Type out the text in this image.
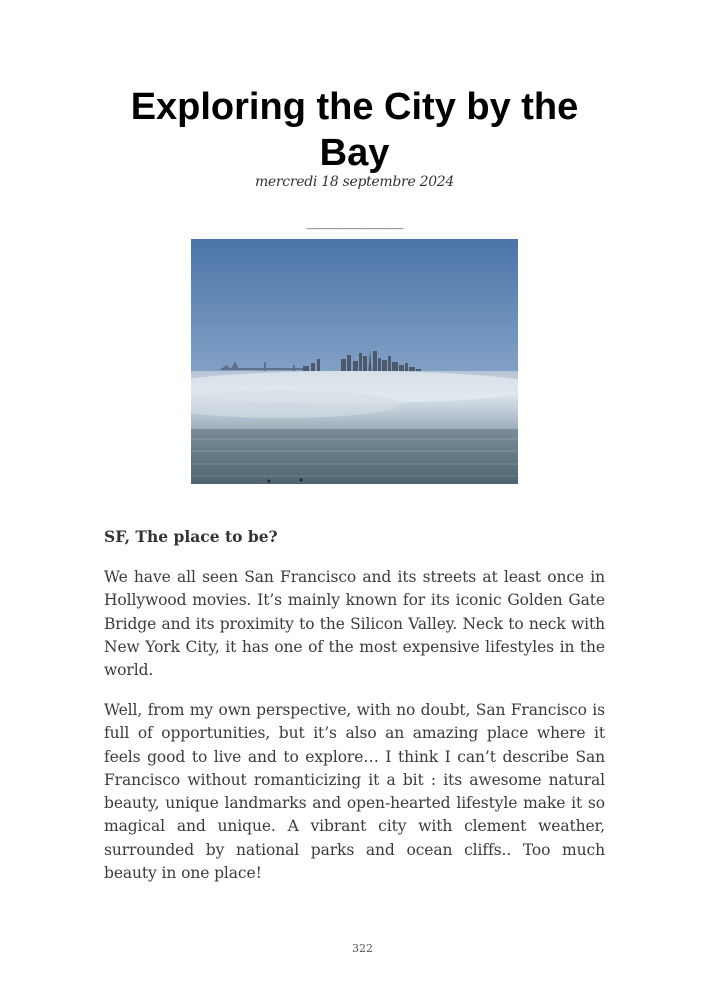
Exploring the City by the Bay
mercredi 18 septembre 2024
________________
SF, The place to be?

We have all seen San Francisco and its streets at least once in Hollywood movies. It’s mainly known for its iconic Golden Gate Bridge and its proximity to the Silicon Valley. Neck to neck with New York City, it has one of the most expensive lifestyles in the world.

Well, from my own perspective, with no doubt, San Francisco is full of opportunities, but it’s also an amazing place where it feels good to live and to explore… I think I can’t describe San Francisco without romanticizing it a bit : its awesome natural beauty, unique landmarks and open-hearted lifestyle make it so magical and unique. A vibrant city with clement weather, surrounded by national parks and ocean cliffs.. Too much beauty in one place!

322
